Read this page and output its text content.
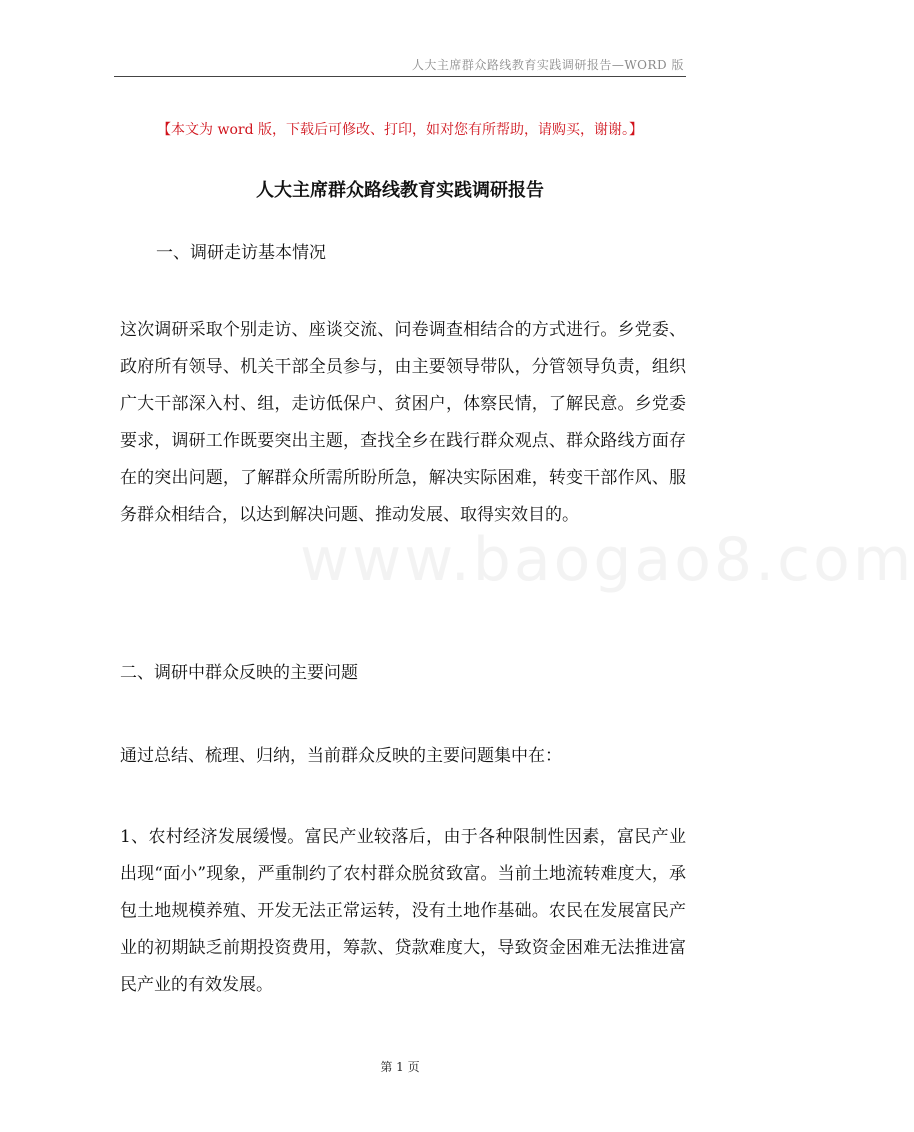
人大主席群众路线教育实践调研报告—WORD 版
【本文为 word 版，下载后可修改、打印，如对您有所帮助，请购买，谢谢。】
人大主席群众路线教育实践调研报告
一、调研走访基本情况
这次调研采取个别走访、座谈交流、问卷调查相结合的方式进行。乡党委、政府所有领导、机关干部全员参与，由主要领导带队，分管领导负责，组织广大干部深入村、组，走访低保户、贫困户，体察民情，了解民意。乡党委要求，调研工作既要突出主题，查找全乡在践行群众观点、群众路线方面存在的突出问题，了解群众所需所盼所急，解决实际困难，转变干部作风、服务群众相结合，以达到解决问题、推动发展、取得实效目的。
二、调研中群众反映的主要问题
通过总结、梳理、归纳，当前群众反映的主要问题集中在：
1、农村经济发展缓慢。富民产业较落后，由于各种限制性因素，富民产业出现“面小”现象，严重制约了农村群众脱贫致富。当前土地流转难度大，承包土地规模养殖、开发无法正常运转，没有土地作基础。农民在发展富民产业的初期缺乏前期投资费用，筹款、贷款难度大，导致资金困难无法推进富民产业的有效发展。
www.baogao8.com
第 1 页
